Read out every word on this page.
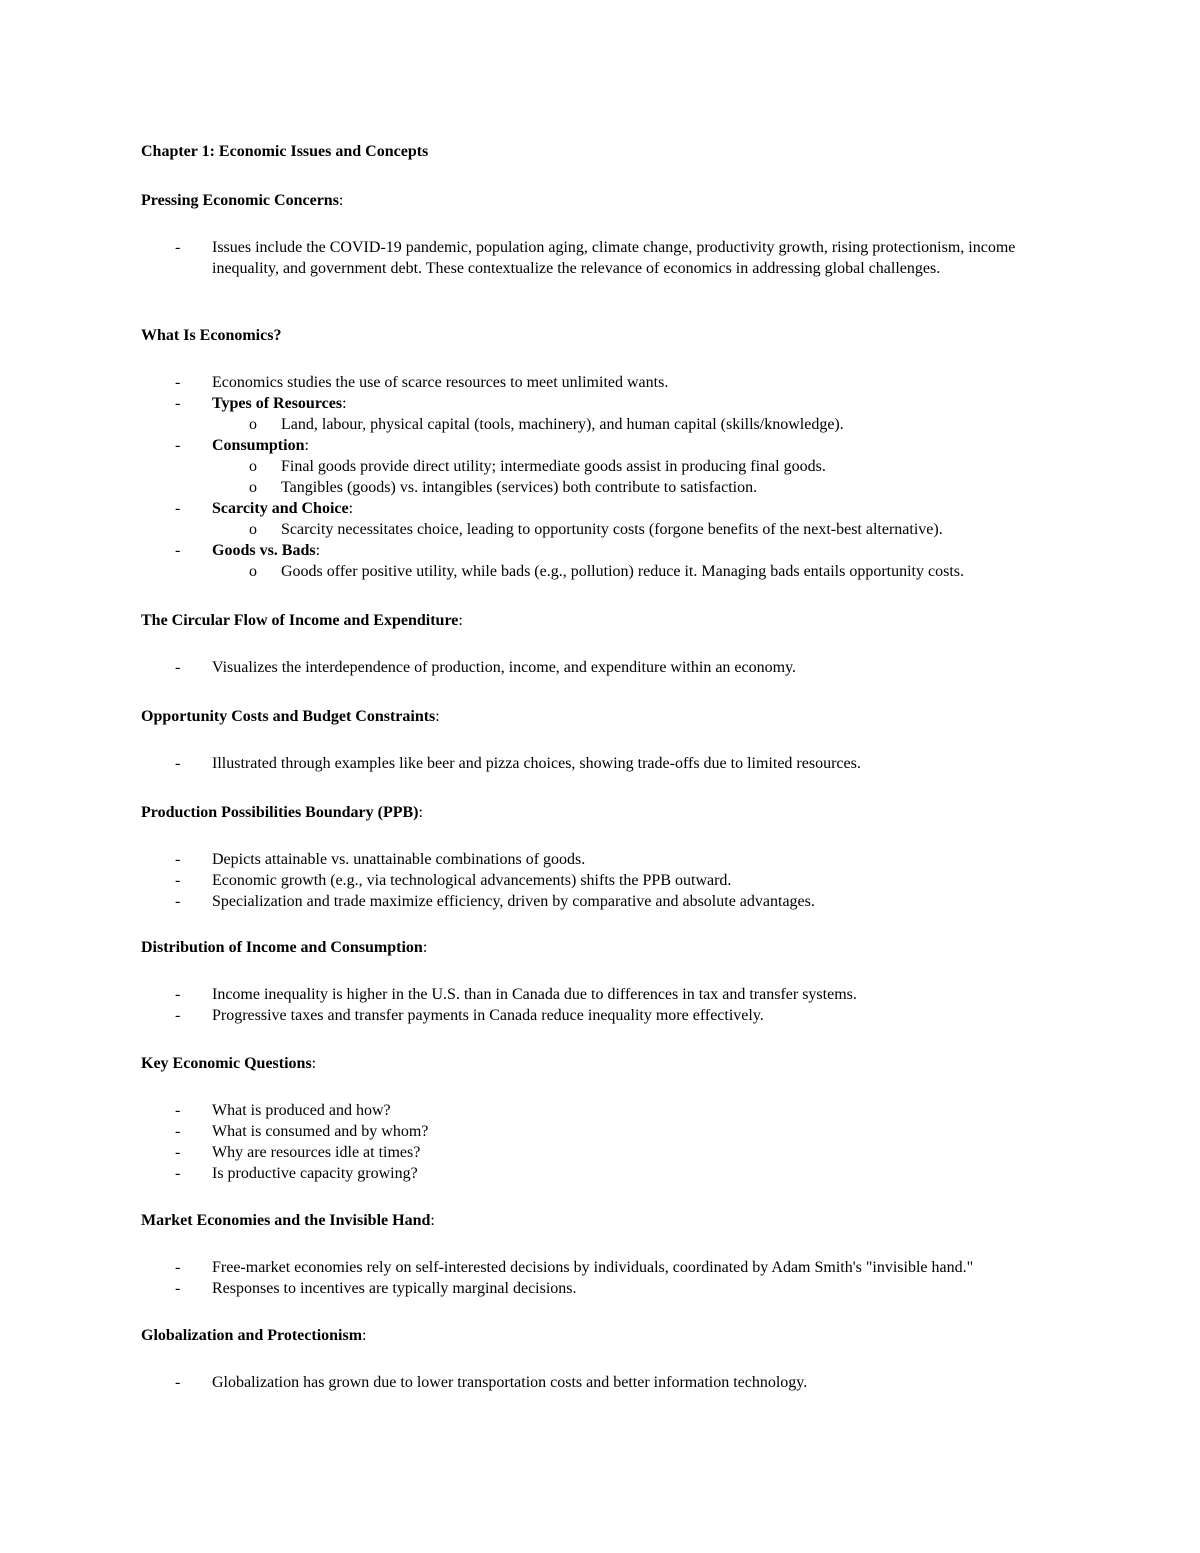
Chapter 1: Economic Issues and Concepts
Pressing Economic Concerns:
- Issues include the COVID-19 pandemic, population aging, climate change, productivity growth, rising protectionism, income inequality, and government debt. These contextualize the relevance of economics in addressing global challenges.
What Is Economics?
- Economics studies the use of scarce resources to meet unlimited wants.
- Types of Resources:
o Land, labour, physical capital (tools, machinery), and human capital (skills/knowledge).
- Consumption:
o Final goods provide direct utility; intermediate goods assist in producing final goods.
o Tangibles (goods) vs. intangibles (services) both contribute to satisfaction.
- Scarcity and Choice:
o Scarcity necessitates choice, leading to opportunity costs (forgone benefits of the next-best alternative).
- Goods vs. Bads:
o Goods offer positive utility, while bads (e.g., pollution) reduce it. Managing bads entails opportunity costs.
The Circular Flow of Income and Expenditure:
- Visualizes the interdependence of production, income, and expenditure within an economy.
Opportunity Costs and Budget Constraints:
- Illustrated through examples like beer and pizza choices, showing trade-offs due to limited resources.
Production Possibilities Boundary (PPB):
- Depicts attainable vs. unattainable combinations of goods.
- Economic growth (e.g., via technological advancements) shifts the PPB outward.
- Specialization and trade maximize efficiency, driven by comparative and absolute advantages.
Distribution of Income and Consumption:
- Income inequality is higher in the U.S. than in Canada due to differences in tax and transfer systems.
- Progressive taxes and transfer payments in Canada reduce inequality more effectively.
Key Economic Questions:
- What is produced and how?
- What is consumed and by whom?
- Why are resources idle at times?
- Is productive capacity growing?
Market Economies and the Invisible Hand:
- Free-market economies rely on self-interested decisions by individuals, coordinated by Adam Smith's "invisible hand."
- Responses to incentives are typically marginal decisions.
Globalization and Protectionism:
- Globalization has grown due to lower transportation costs and better information technology.
